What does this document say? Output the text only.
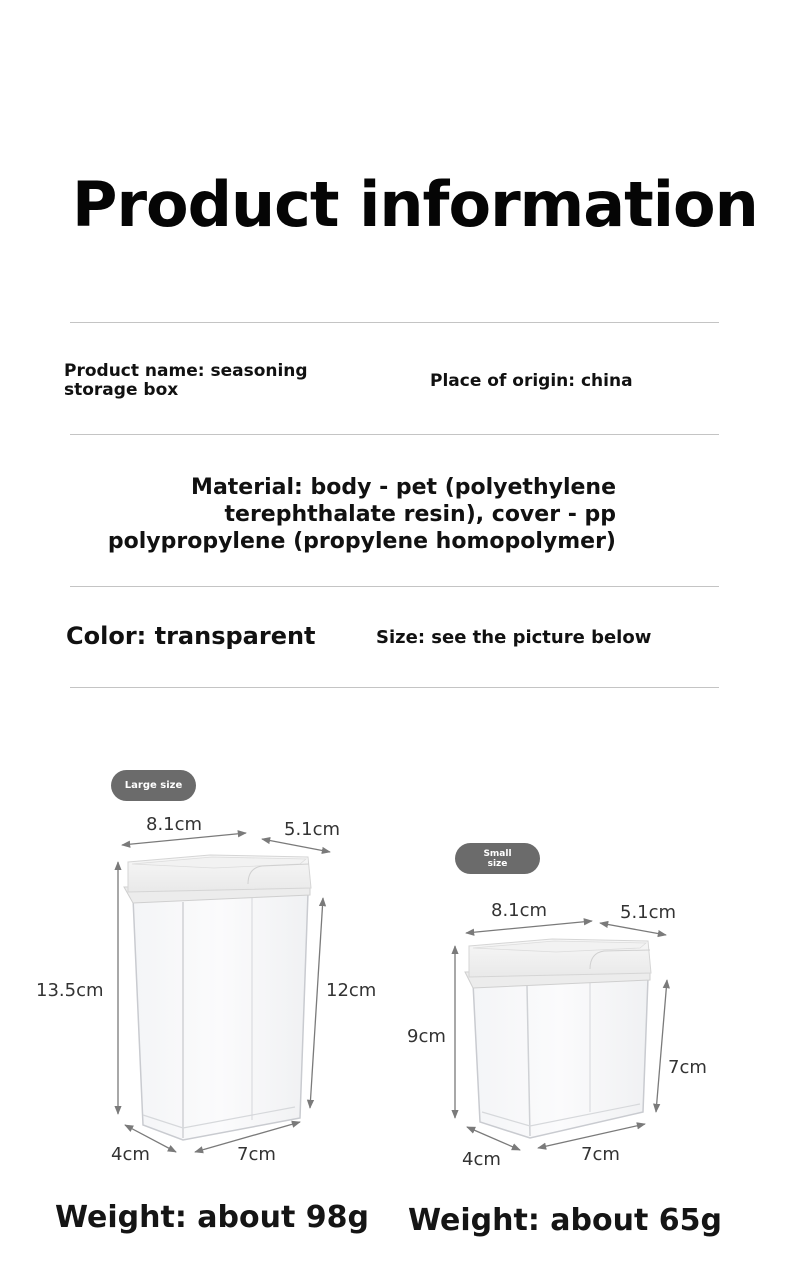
Product information
Product name: seasoning
storage box	Place of origin: china
Material: body - pet (polyethylene
terephthalate resin), cover - pp
polypropylene (propylene homopolymer)
Color: transparent	Size: see the picture below
Large size
Small
size
8.1cm	5.1cm
13.5cm	12cm
4cm	7cm
8.1cm	5.1cm
9cm
7cm
4cm	7cm
Weight: about 98g Weight: about 65g
